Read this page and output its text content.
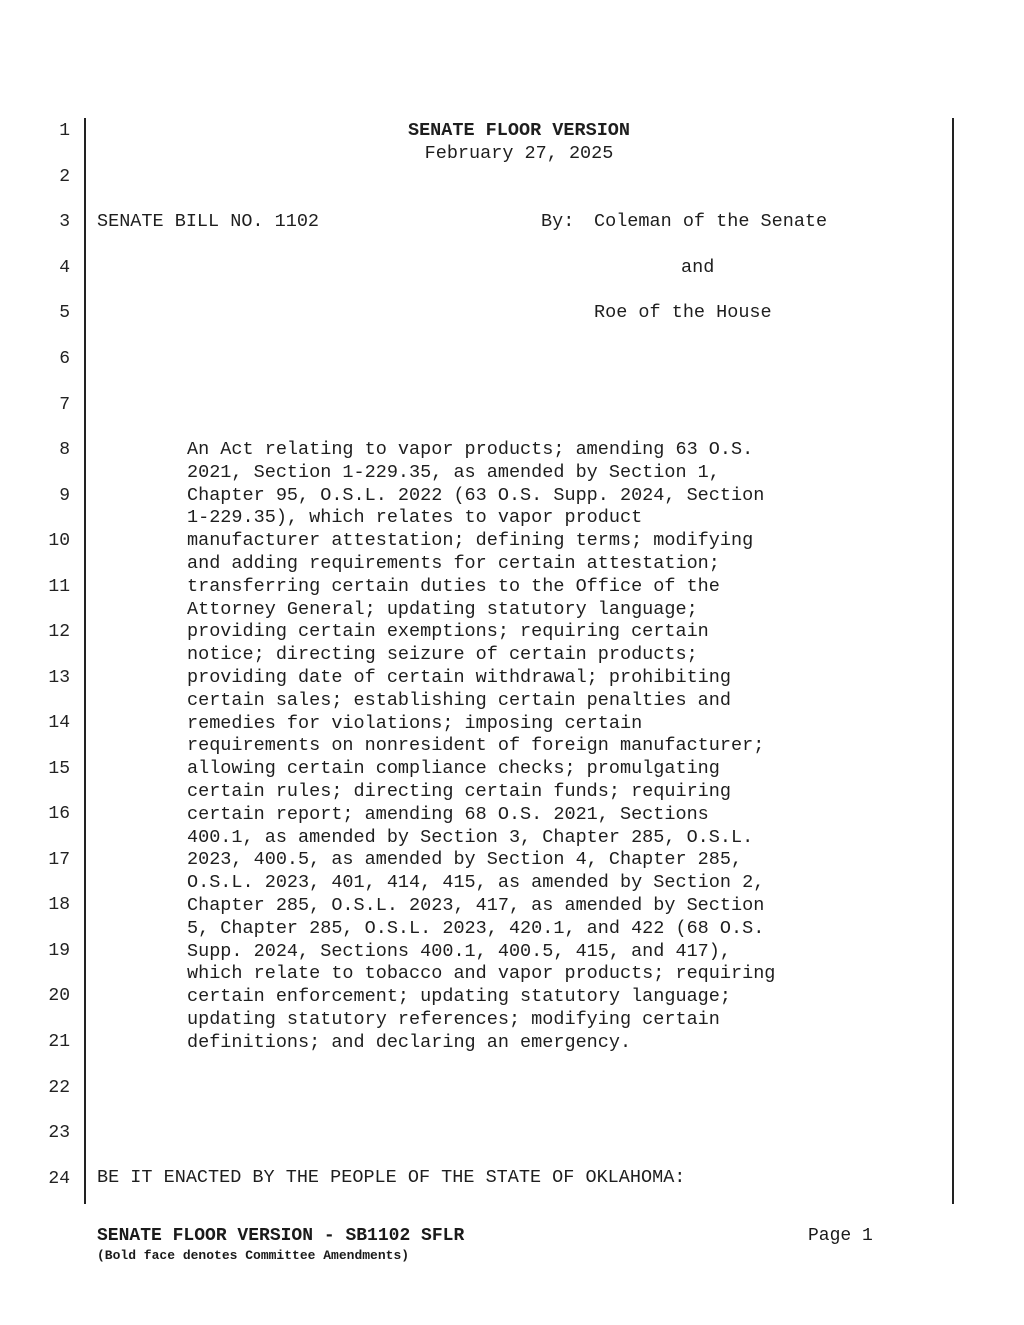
1
2
3
4
5
6
7
8
9
10
11
12
13
14
15
16
17
18
19
20
21
22
23
24
SENATE FLOOR VERSION
February 27, 2025
SENATE BILL NO. 1102	By: Coleman of the Senate
and
Roe of the House
An Act relating to vapor products; amending 63 O.S.
2021, Section 1-229.35, as amended by Section 1,
Chapter 95, O.S.L. 2022 (63 O.S. Supp. 2024, Section
1-229.35), which relates to vapor product
manufacturer attestation; defining terms; modifying
and adding requirements for certain attestation;
transferring certain duties to the Office of the
Attorney General; updating statutory language;
providing certain exemptions; requiring certain
notice; directing seizure of certain products;
providing date of certain withdrawal; prohibiting
certain sales; establishing certain penalties and
remedies for violations; imposing certain
requirements on nonresident of foreign manufacturer;
allowing certain compliance checks; promulgating
certain rules; directing certain funds; requiring
certain report; amending 68 O.S. 2021, Sections
400.1, as amended by Section 3, Chapter 285, O.S.L.
2023, 400.5, as amended by Section 4, Chapter 285,
O.S.L. 2023, 401, 414, 415, as amended by Section 2,
Chapter 285, O.S.L. 2023, 417, as amended by Section
5, Chapter 285, O.S.L. 2023, 420.1, and 422 (68 O.S.
Supp. 2024, Sections 400.1, 400.5, 415, and 417),
which relate to tobacco and vapor products; requiring
certain enforcement; updating statutory language;
updating statutory references; modifying certain
definitions; and declaring an emergency.
BE IT ENACTED BY THE PEOPLE OF THE STATE OF OKLAHOMA:
SENATE FLOOR VERSION - SB1102 SFLR
(Bold face denotes Committee Amendments)
Page 1
